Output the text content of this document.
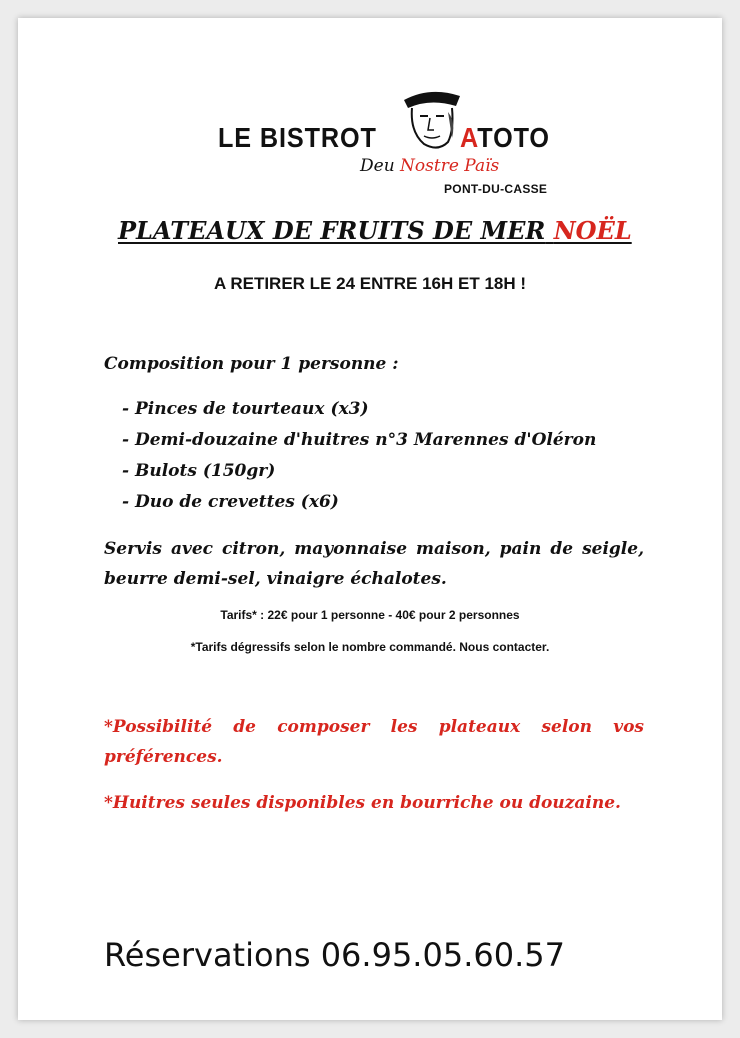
LE BISTROT	ATOTO
Deu Nostre Païs
PONT-DU-CASSE
PLATEAUX DE FRUITS DE MER NOËL
A RETIRER LE 24 ENTRE 16H ET 18H !
Composition pour 1 personne :
- Pinces de tourteaux (x3)
- Demi-douzaine d'huitres n°3 Marennes d'Oléron
- Bulots (150gr)
- Duo de crevettes (x6)
Servis avec citron, mayonnaise maison, pain de seigle, beurre demi-sel, vinaigre échalotes.
Tarifs* : 22€ pour 1 personne - 40€ pour 2 personnes
*Tarifs dégressifs selon le nombre commandé. Nous contacter.
*Possibilité de composer les plateaux selon vos préférences.
*Huitres seules disponibles en bourriche ou douzaine.
Réservations 06.95.05.60.57
